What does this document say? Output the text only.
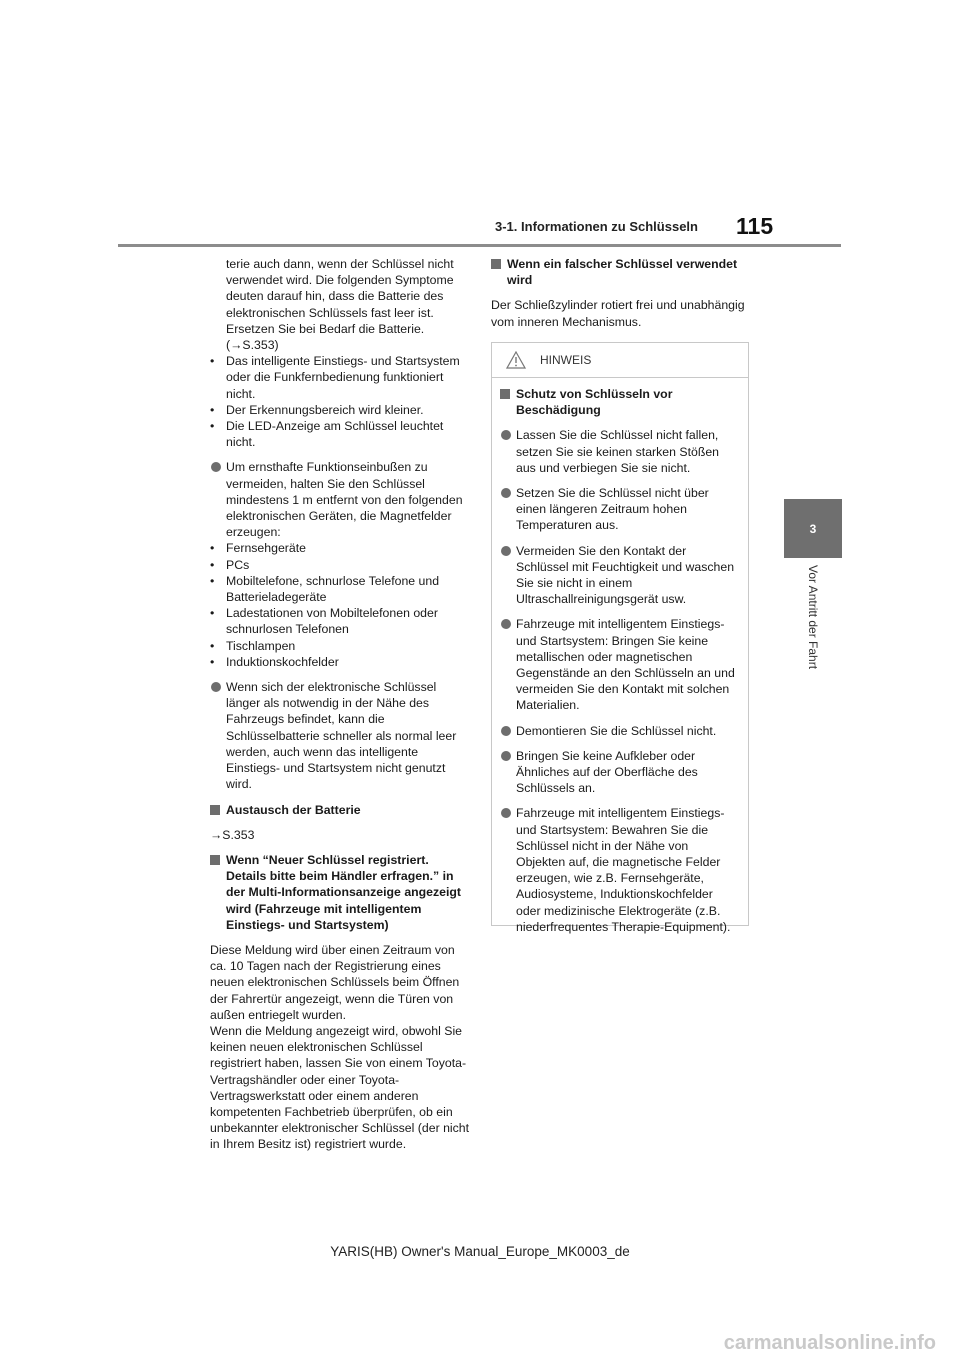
3-1. Informationen zu Schlüsseln 115
3
Vor Antritt der Fahrt

terie auch dann, wenn der Schlüssel nicht verwendet wird. Die folgenden Symptome deuten darauf hin, dass die Batterie des elektronischen Schlüssels fast leer ist. Ersetzen Sie bei Bedarf die Batterie.

(→S.353)

• Das intelligente Einstiegs- und Startsystem oder die Funkfernbedienung funktioniert nicht.

• Der Erkennungsbereich wird kleiner.

• Die LED-Anzeige am Schlüssel leuchtet nicht.

Um ernsthafte Funktionseinbußen zu vermeiden, halten Sie den Schlüssel mindestens 1 m entfernt von den folgenden elektronischen Geräten, die Magnetfelder erzeugen:

• Fernsehgeräte

• PCs

• Mobiltelefone, schnurlose Telefone und Batterieladegeräte

• Ladestationen von Mobiltelefonen oder schnurlosen Telefonen

• Tischlampen

• Induktionskochfelder

Wenn sich der elektronische Schlüssel länger als notwendig in der Nähe des Fahrzeugs befindet, kann die Schlüsselbatterie schneller als normal leer werden, auch wenn das intelligente Einstiegs- und Startsystem nicht genutzt wird.

Austausch der Batterie

→S.353

Wenn “Neuer Schlüssel registriert. Details bitte beim Händler erfragen.” in der Multi-Informationsanzeige angezeigt wird (Fahrzeuge mit intelligentem Einstiegs- und Startsystem)

Diese Meldung wird über einen Zeitraum von ca. 10 Tagen nach der Registrierung eines neuen elektronischen Schlüssels beim Öffnen der Fahrertür angezeigt, wenn die Türen von außen entriegelt wurden.

Wenn die Meldung angezeigt wird, obwohl Sie keinen neuen elektronischen Schlüssel registriert haben, lassen Sie von einem Toyota-Vertragshändler oder einer Toyota-Vertragswerkstatt oder einem anderen kompetenten Fachbetrieb überprüfen, ob ein unbekannter elektronischer Schlüssel (der nicht in Ihrem Besitz ist) registriert wurde.

Wenn ein falscher Schlüssel verwendet wird

Der Schließzylinder rotiert frei und unabhängig vom inneren Mechanismus.

HINWEIS

Schutz von Schlüsseln vor Beschädigung

Lassen Sie die Schlüssel nicht fallen, setzen Sie sie keinen starken Stößen aus und verbiegen Sie sie nicht.

Setzen Sie die Schlüssel nicht über einen längeren Zeitraum hohen Temperaturen aus.

Vermeiden Sie den Kontakt der Schlüssel mit Feuchtigkeit und waschen Sie sie nicht in einem Ultraschallreinigungsgerät usw.

Fahrzeuge mit intelligentem Einstiegs- und Startsystem: Bringen Sie keine metallischen oder magnetischen Gegenstände an den Schlüsseln an und vermeiden Sie den Kontakt mit solchen Materialien.

Demontieren Sie die Schlüssel nicht.

Bringen Sie keine Aufkleber oder Ähnliches auf der Oberfläche des Schlüssels an.

Fahrzeuge mit intelligentem Einstiegs- und Startsystem: Bewahren Sie die Schlüssel nicht in der Nähe von Objekten auf, die magnetische Felder erzeugen, wie z.B. Fernsehgeräte, Audiosysteme, Induktionskochfelder oder medizinische Elektrogeräte (z.B. niederfrequentes Therapie-Equipment).

YARIS(HB) Owner's Manual_Europe_MK0003_de
carmanualsonline.info
